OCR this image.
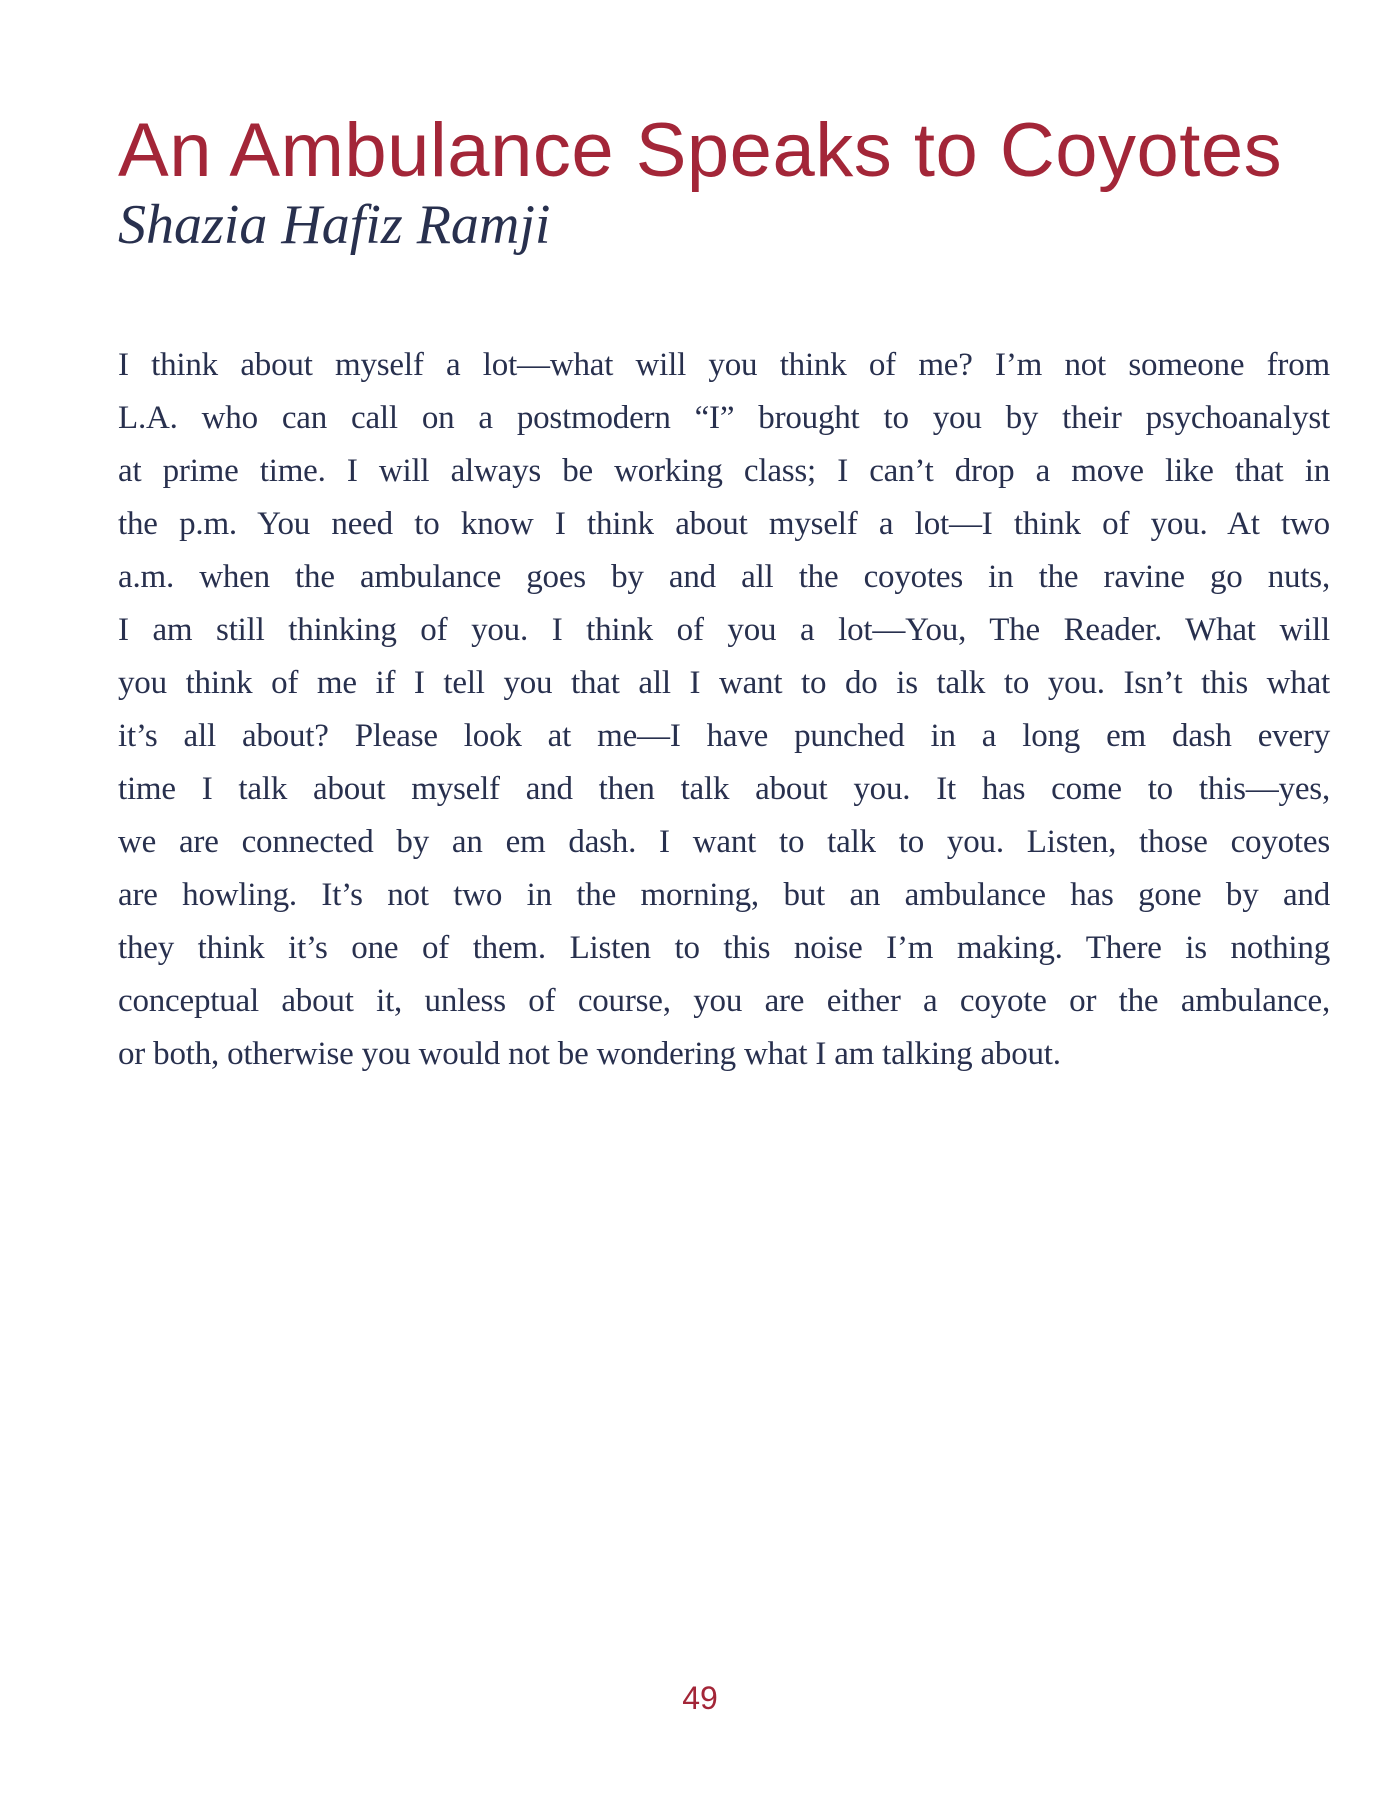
An Ambulance Speaks to Coyotes
Shazia Hafiz Ramji
I think about myself a lot—what will you think of me? I’m not someone from
L.A. who can call on a postmodern “I” brought to you by their psychoanalyst
at prime time. I will always be working class; I can’t drop a move like that in
the p.m. You need to know I think about myself a lot—I think of you. At two
a.m. when the ambulance goes by and all the coyotes in the ravine go nuts,
I am still thinking of you. I think of you a lot—You, The Reader. What will
you think of me if I tell you that all I want to do is talk to you. Isn’t this what
it’s all about? Please look at me—I have punched in a long em dash every
time I talk about myself and then talk about you. It has come to this—yes,
we are connected by an em dash. I want to talk to you. Listen, those coyotes
are howling. It’s not two in the morning, but an ambulance has gone by and
they think it’s one of them. Listen to this noise I’m making. There is nothing
conceptual about it, unless of course, you are either a coyote or the ambulance,
or both, otherwise you would not be wondering what I am talking about.
49
